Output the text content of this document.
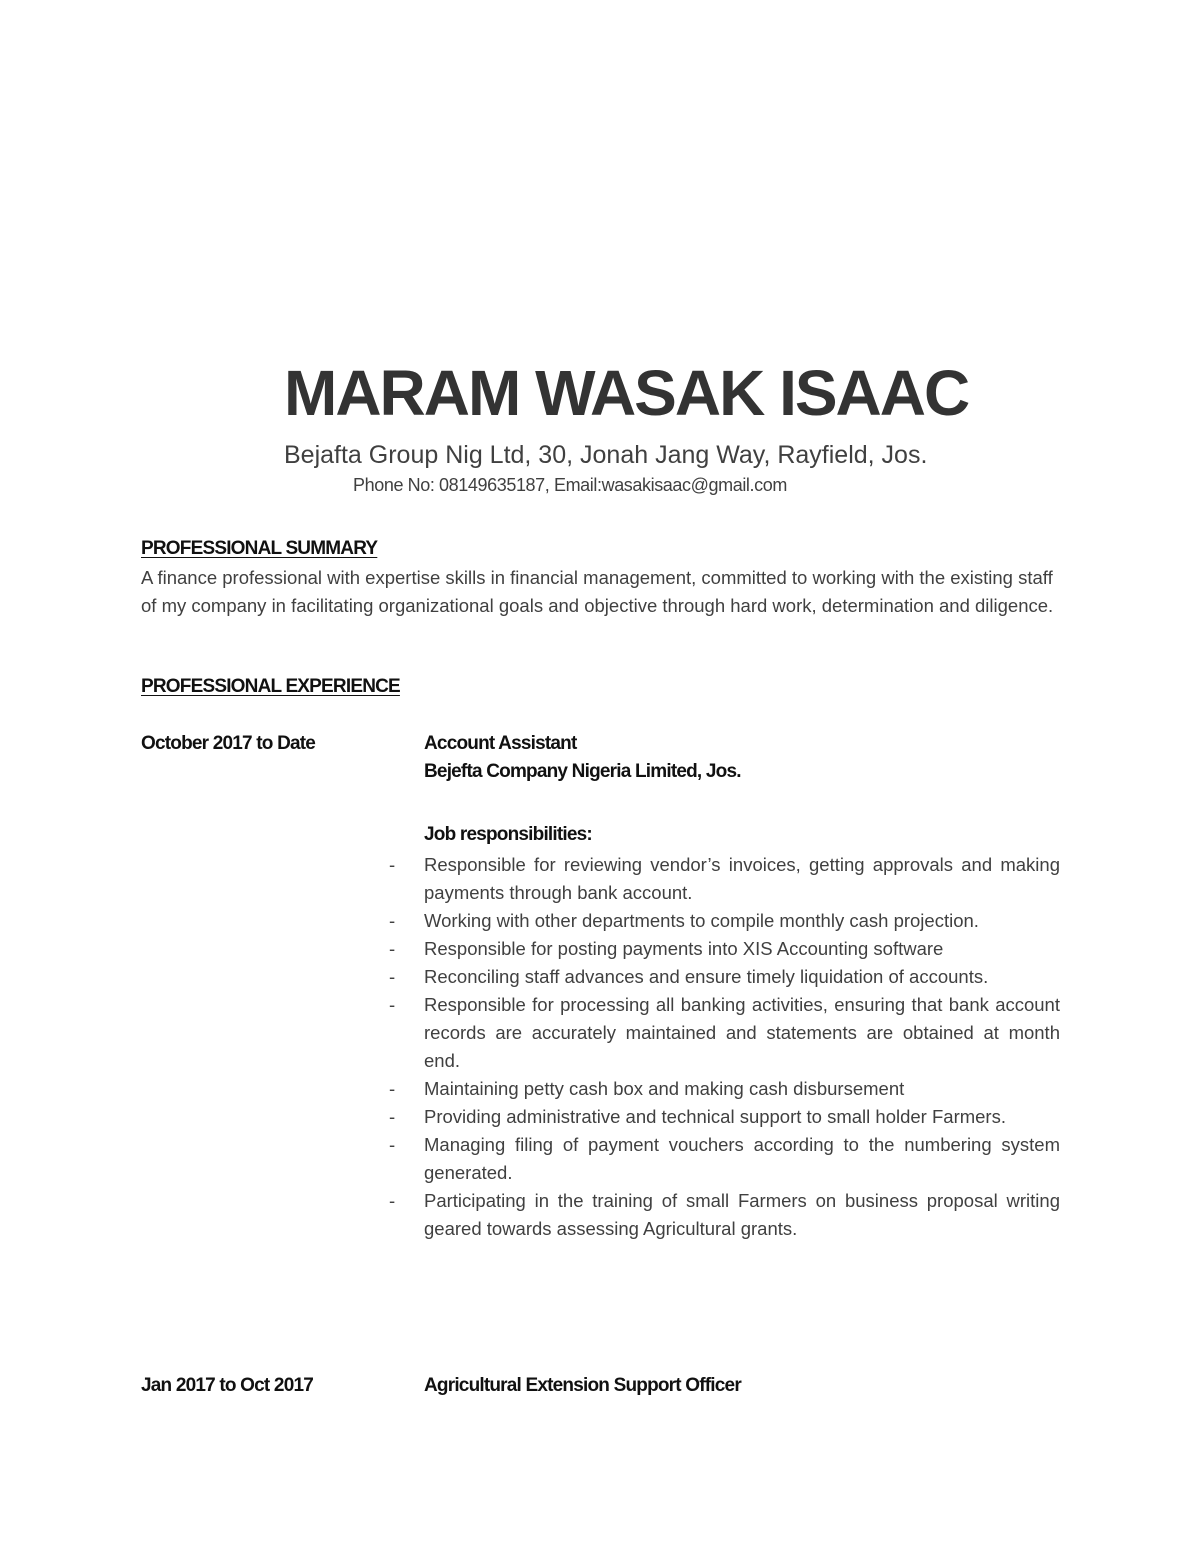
MARAM WASAK ISAAC
Bejafta Group Nig Ltd, 30, Jonah Jang Way, Rayfield, Jos.
Phone No: 08149635187, Email:wasakisaac@gmail.com
PROFESSIONAL SUMMARY

A finance professional with expertise skills in financial management, committed to working with the existing staff of my company in facilitating organizational goals and objective through hard work, determination and diligence.

PROFESSIONAL EXPERIENCE
October 2017 to Date	Account Assistant
Bejefta Company Nigeria Limited, Jos.
Job responsibilities:
- Responsible for reviewing vendor’s invoices, getting approvals and making payments through bank account.
- Working with other departments to compile monthly cash projection.
- Responsible for posting payments into XIS Accounting software
- Reconciling staff advances and ensure timely liquidation of accounts.
- Responsible for processing all banking activities, ensuring that bank account records are accurately maintained and statements are obtained at month end.
- Maintaining petty cash box and making cash disbursement
- Providing administrative and technical support to small holder Farmers.
- Managing filing of payment vouchers according to the numbering system generated.
- Participating in the training of small Farmers on business proposal writing geared towards assessing Agricultural grants.
Jan 2017 to Oct 2017	Agricultural Extension Support Officer
